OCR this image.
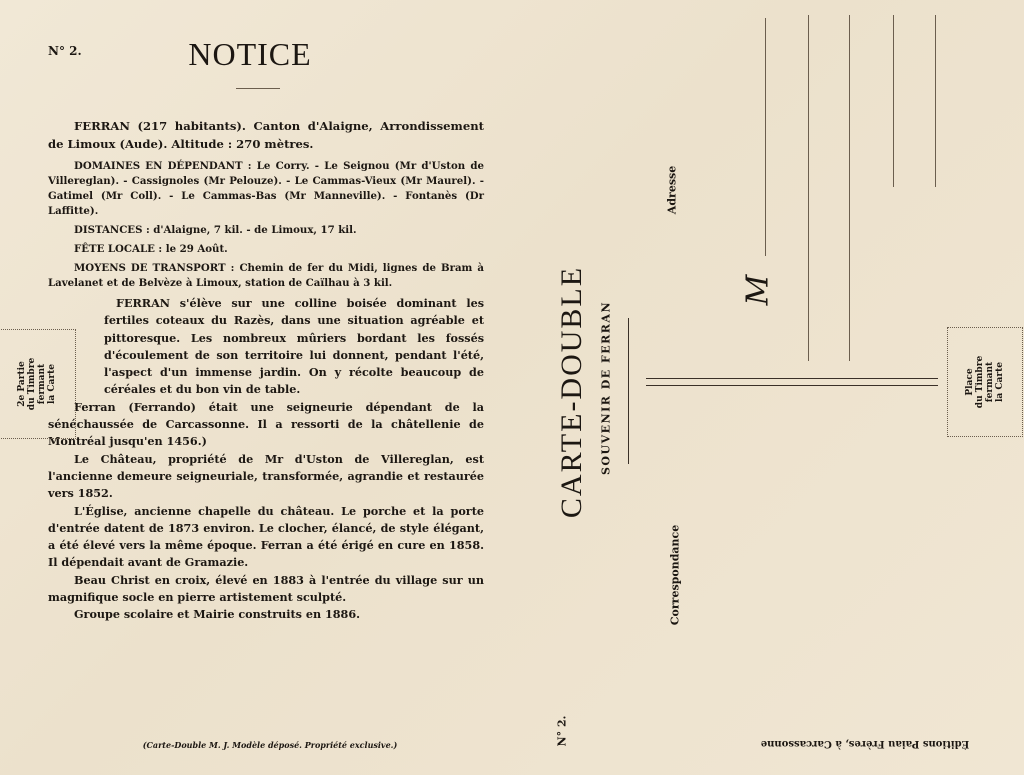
N° 2.	NOTICE

FERRAN (217 habitants). Canton d'Alaigne, Arrondissement de Limoux (Aude). Altitude : 270 mètres.

DOMAINES EN DÉPENDANT : Le Corry. - Le Seignou (Mr d'Uston de Villereglan). - Cassignoles (Mr Pelouze). - Le Cammas-Vieux (Mr Maurel). - Gatimel (Mr Coll). - Le Cammas-Bas (Mr Manneville). - Fontanès (Dr Laffitte).

DISTANCES : d'Alaigne, 7 kil. - de Limoux, 17 kil.

FÊTE LOCALE : le 29 Août.

MOYENS DE TRANSPORT : Chemin de fer du Midi, lignes de Bram à Lavelanet et de Belvèze à Limoux, station de Caïlhau à 3 kil.

FERRAN s'élève sur une colline boisée dominant les fertiles coteaux du Razès, dans une situation agréable et pittoresque. Les nombreux mûriers bordant les fossés d'écoulement de son territoire lui donnent, pendant l'été, l'aspect d'un immense jardin. On y récolte beaucoup de céréales et du bon vin de table.

Ferran (Ferrando) était une seigneurie dépendant de la sénéchaussée de Carcassonne. Il a ressorti de la châtellenie de Montréal jusqu'en 1456.)

Le Château, propriété de Mr d'Uston de Villereglan, est l'ancienne demeure seigneuriale, transformée, agrandie et restaurée vers 1852.

L'Église, ancienne chapelle du château. Le porche et la porte d'entrée datent de 1873 environ. Le clocher, élancé, de style élégant, a été élevé vers la même époque. Ferran a été érigé en cure en 1858. Il dépendait avant de Gramazie.

Beau Christ en croix, élevé en 1883 à l'entrée du village sur un magnifique socle en pierre artistement sculpté.

Groupe scolaire et Mairie construits en 1886.

(Carte-Double M. J. Modèle déposé. Propriété exclusive.)
2e Partie du Timbre fermant la Carte	CARTE-DOUBLE SOUVENIR DE FERRAN
N° 2.
Adresse
Correspondance
M
Place du Timbre fermant la Carte
Éditions Paiau Frères, à Carcassonne
